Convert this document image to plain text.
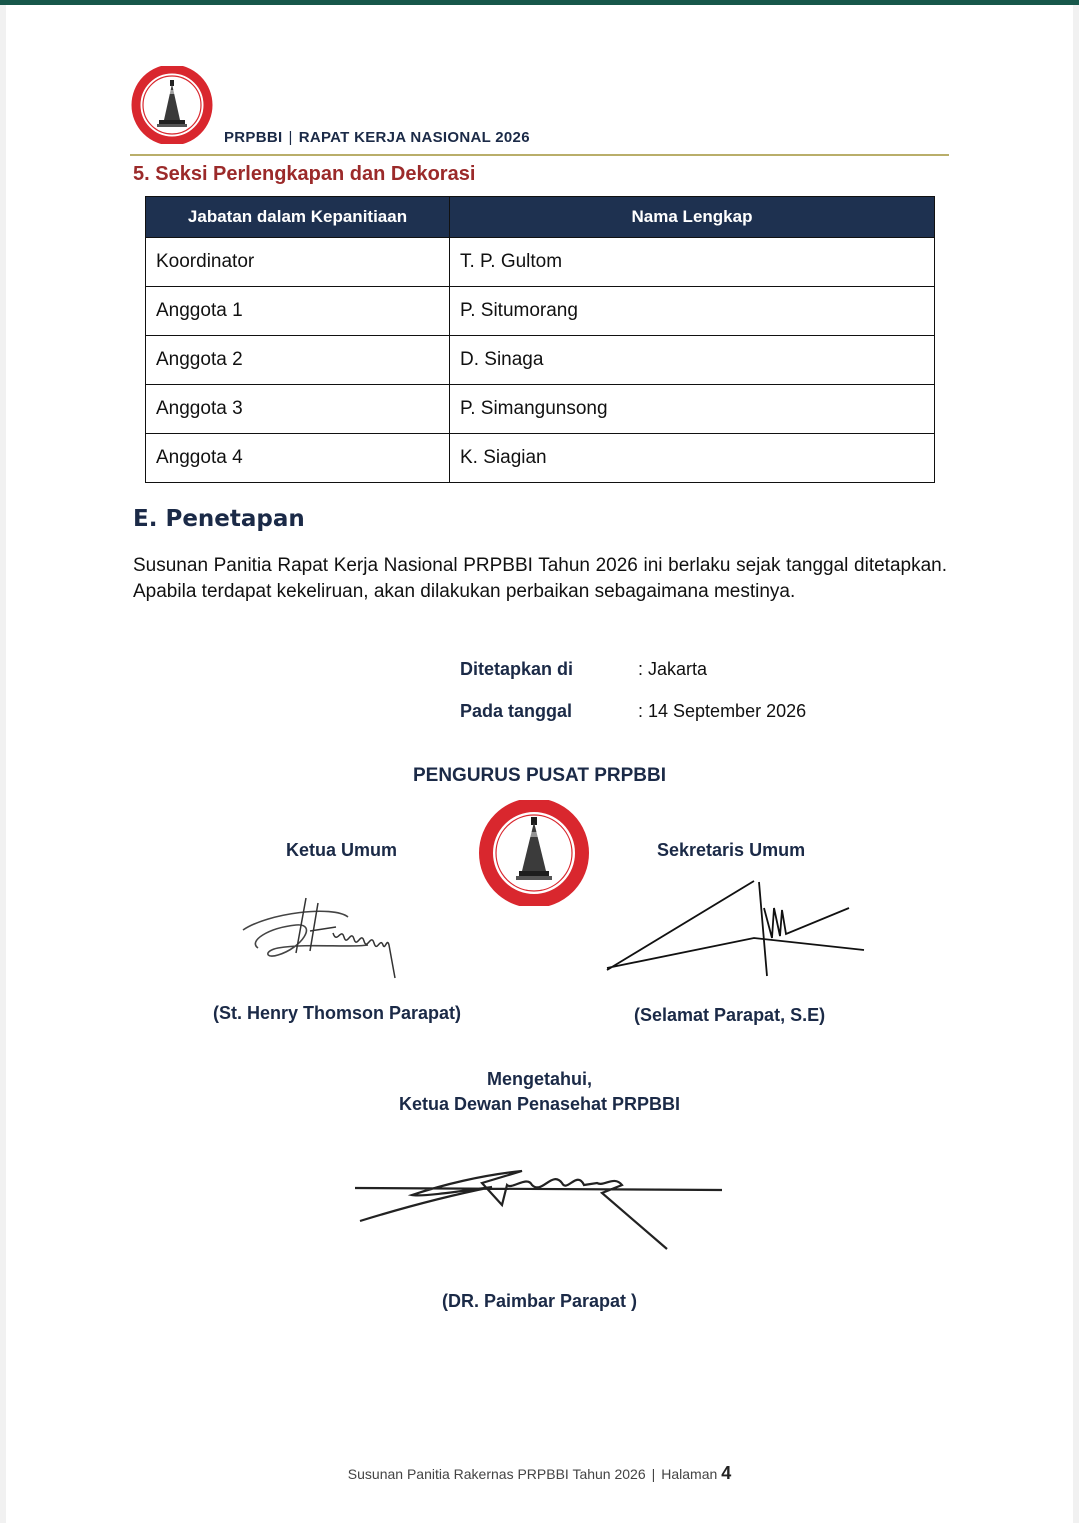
PRPBBI | RAPAT KERJA NASIONAL 2026
5. Seksi Perlengkapan dan Dekorasi
Jabatan dalam Kepanitiaan	Nama Lengkap
Koordinator	T. P. Gultom
Anggota 1	P. Situmorang
Anggota 2	D. Sinaga
Anggota 3	P. Simangunsong
Anggota 4	K. Siagian
E. Penetapan
Susunan Panitia Rapat Kerja Nasional PRPBBI Tahun 2026 ini berlaku sejak tanggal ditetapkan. Apabila terdapat kekeliruan, akan dilakukan perbaikan sebagaimana mestinya.
Ditetapkan di	: Jakarta
Pada tanggal	: 14 September 2026
PENGURUS PUSAT PRPBBI
Ketua Umum	Sekretaris Umum
(St. Henry Thomson Parapat)	(Selamat Parapat, S.E)
Mengetahui,
Ketua Dewan Penasehat PRPBBI
(DR. Paimbar Parapat )
Susunan Panitia Rakernas PRPBBI Tahun 2026 | Halaman 4
